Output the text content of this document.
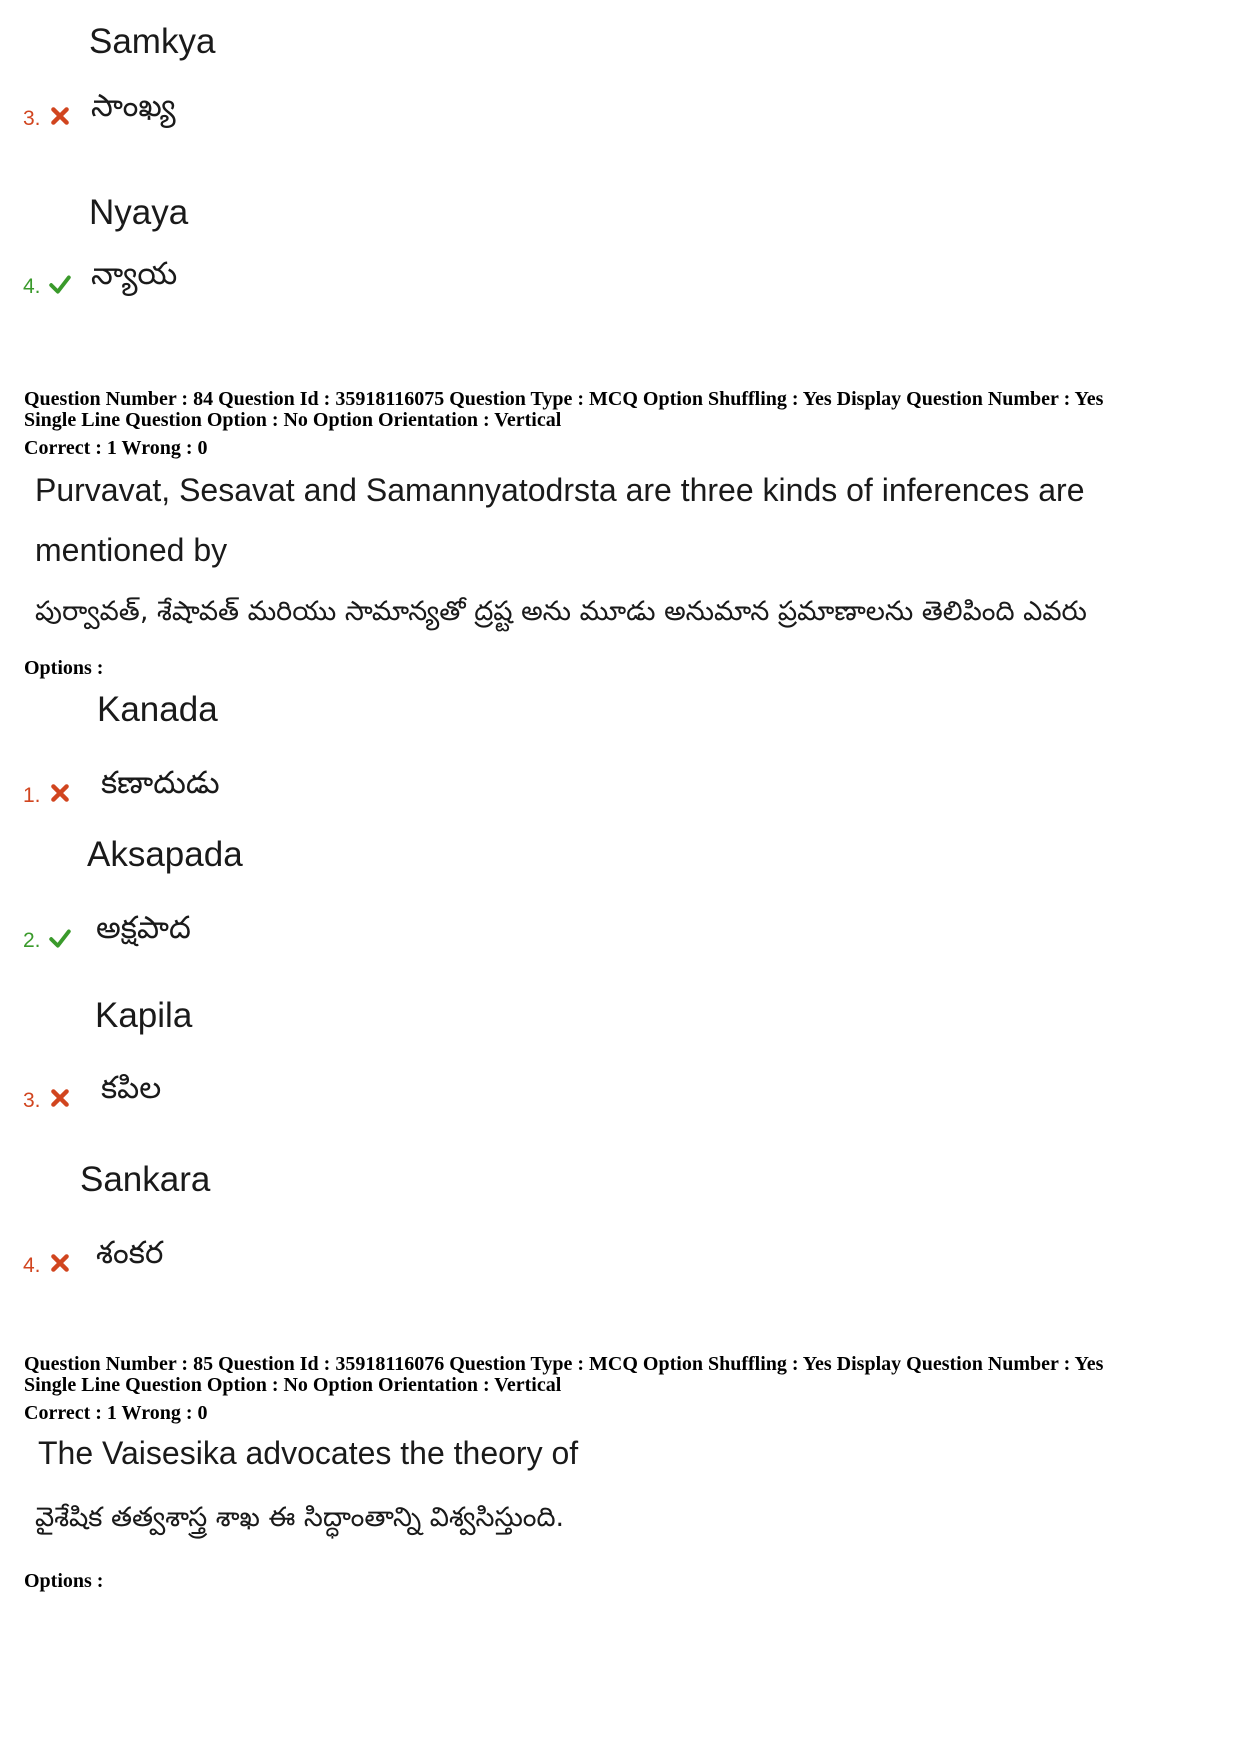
Samkya
3. సాంఖ్య
Nyaya
4. న్యాయ
Question Number : 84 Question Id : 35918116075 Question Type : MCQ Option Shuffling : Yes Display Question Number : Yes
Single Line Question Option : No Option Orientation : Vertical
Correct : 1 Wrong : 0
Purvavat, Sesavat and Samannyatodrsta are three kinds of inferences are
mentioned by
పుర్వావత్, శేషావత్ మరియు సామాన్యతో ద్రష్ట అను మూడు అనుమాన ప్రమాణాలను తెలిపింది ఎవరు
Options :
Kanada
1. కణాదుడు
Aksapada
2. అక్షపాద
Kapila
3. కపిల
Sankara
4. శంకర
Question Number : 85 Question Id : 35918116076 Question Type : MCQ Option Shuffling : Yes Display Question Number : Yes
Single Line Question Option : No Option Orientation : Vertical
Correct : 1 Wrong : 0
The Vaisesika advocates the theory of
వైశేషిక తత్వశాస్త్ర శాఖ ఈ సిద్ధాంతాన్ని విశ్వసిస్తుంది.
Options :
